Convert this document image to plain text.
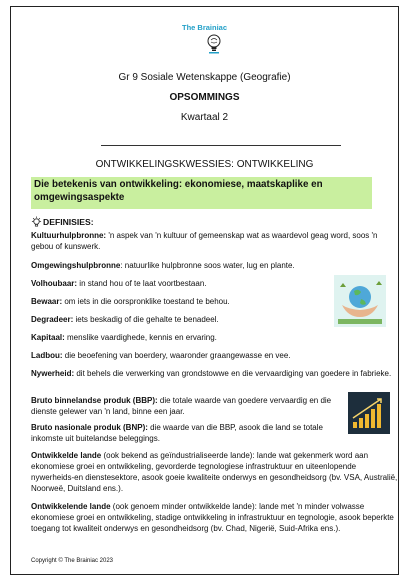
The Brainiac
Gr 9 Sosiale Wetenskappe (Geografie)
OPSOMMINGS
Kwartaal 2
ONTWIKKELINGSKWESSIES: ONTWIKKELING
Die betekenis van ontwikkeling: ekonomiese, maatskaplike en omgewingsaspekte
DEFINISIES:
Kultuurhulpbronne: 'n aspek van 'n kultuur of gemeenskap wat as waardevol geag word, soos 'n gebou of kunswerk.
Omgewingshulpbronne: natuurlike hulpbronne soos water, lug en plante.
Volhoubaar: in stand hou of te laat voortbestaan.
Bewaar: om iets in die oorspronklike toestand te behou.
Degradeer: iets beskadig of die gehalte te benadeel.
Kapitaal: menslike vaardighede, kennis en ervaring.
Ladbou: die beoefening van boerdery, waaronder graangewasse en vee.
Nywerheid: dit behels die verwerking van grondstowwe en die vervaardiging van goedere in fabrieke.
Bruto binnelandse produk (BBP): die totale waarde van goedere vervaardig en die dienste gelewer van 'n land, binne een jaar.
Bruto nasionale produk (BNP): die waarde van die BBP, asook die land se totale inkomste uit buitelandse beleggings.
Ontwikkelde lande (ook bekend as geïndustrialiseerde lande): lande wat gekenmerk word aan ekonomiese groei en ontwikkeling, gevorderde tegnologiese infrastruktuur en uiteenlopende nywerheids-en dienstesektore, asook goeie kwaliteite onderwys en gesondheidsorg (bv. VSA, Australië, Noorweë, Duitsland ens.).
Ontwikkelende lande (ook genoem minder ontwikkelde lande): lande met 'n minder volwasse ekonomiese groei en ontwikkeling, stadige ontwikkeling in infrastruktuur en tegnologie, asook beperkte toegang tot kwaliteit onderwys en gesondheidsorg (bv. Chad, Nigerië, Suid-Afrika ens.).
Copyright © The Brainiac 2023
